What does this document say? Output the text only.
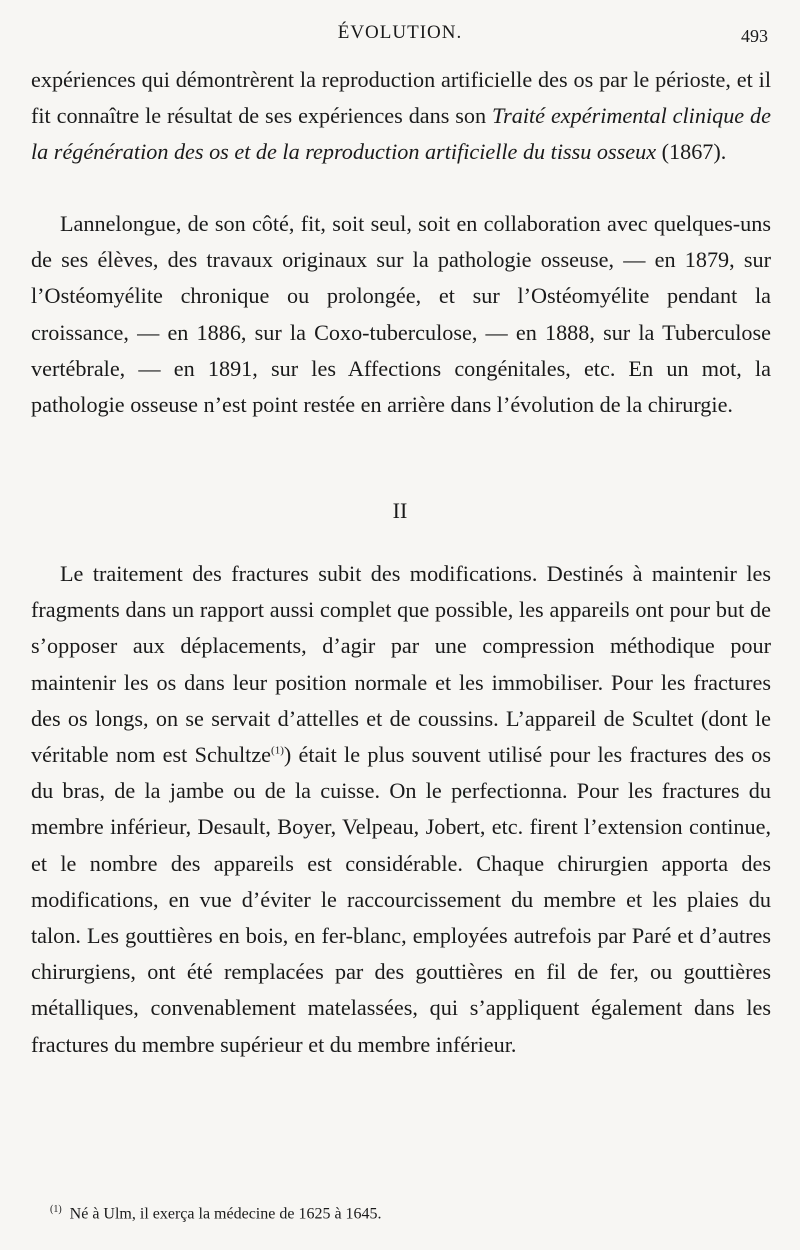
ÉVOLUTION.	493
expériences qui démontrèrent la reproduction artificielle des os par le périoste, et il fit connaître le résultat de ses expériences dans son Traité expérimental clinique de la régénération des os et de la reproduction artificielle du tissu osseux (1867).
Lannelongue, de son côté, fit, soit seul, soit en collaboration avec quelques-uns de ses élèves, des travaux originaux sur la pathologie osseuse, — en 1879, sur l’Ostéomyélite chronique ou prolongée, et sur l’Ostéomyélite pendant la croissance, — en 1886, sur la Coxo-tuberculose, — en 1888, sur la Tuberculose vertébrale, — en 1891, sur les Affections congénitales, etc. En un mot, la pathologie osseuse n’est point restée en arrière dans l’évolution de la chirurgie.
II
Le traitement des fractures subit des modifications. Destinés à maintenir les fragments dans un rapport aussi complet que possible, les appareils ont pour but de s’opposer aux déplacements, d’agir par une compression méthodique pour maintenir les os dans leur position normale et les immobiliser. Pour les fractures des os longs, on se servait d’attelles et de coussins. L’appareil de Scultet (dont le véritable nom est Schultze$^{(1)}$) était le plus souvent utilisé pour les fractures des os du bras, de la jambe ou de la cuisse. On le perfectionna. Pour les fractures du membre inférieur, Desault, Boyer, Velpeau, Jobert, etc. firent l’extension continue, et le nombre des appareils est considérable. Chaque chirurgien apporta des modifications, en vue d’éviter le raccourcissement du membre et les plaies du talon. Les gouttières en bois, en fer-blanc, employées autrefois par Paré et d’autres chirurgiens, ont été remplacées par des gouttières en fil de fer, ou gouttières métalliques, convenablement matelassées, qui s’appliquent également dans les fractures du membre supérieur et du membre inférieur.
$^{(1)}$ Né à Ulm, il exerça la médecine de 1625 à 1645.
